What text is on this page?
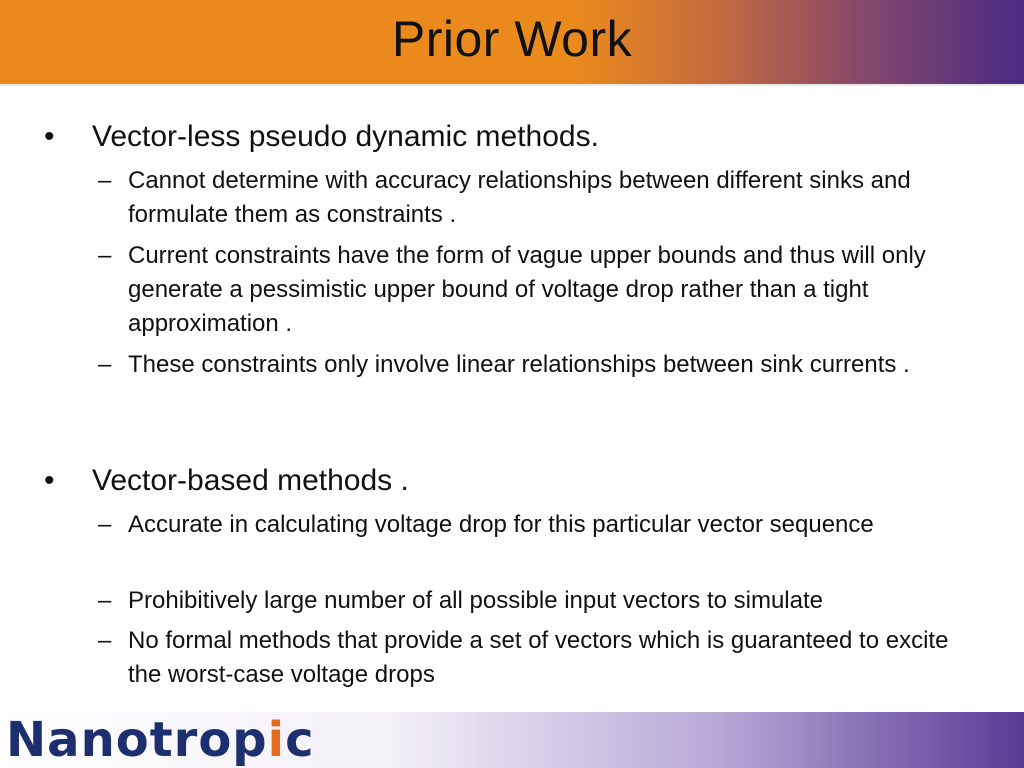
Prior Work
• Vector-less pseudo dynamic methods.
– Cannot determine with accuracy relationships between different sinks and formulate them as constraints .
– Current constraints have the form of vague upper bounds and thus will only generate a pessimistic upper bound of voltage drop rather than a tight approximation .
– These constraints only involve linear relationships between sink currents .
• Vector-based methods .
– Accurate in calculating voltage drop for this particular vector sequence
– Prohibitively large number of all possible input vectors to simulate
– No formal methods that provide a set of vectors which is guaranteed to excite the worst-case voltage drops
Nanotropic
